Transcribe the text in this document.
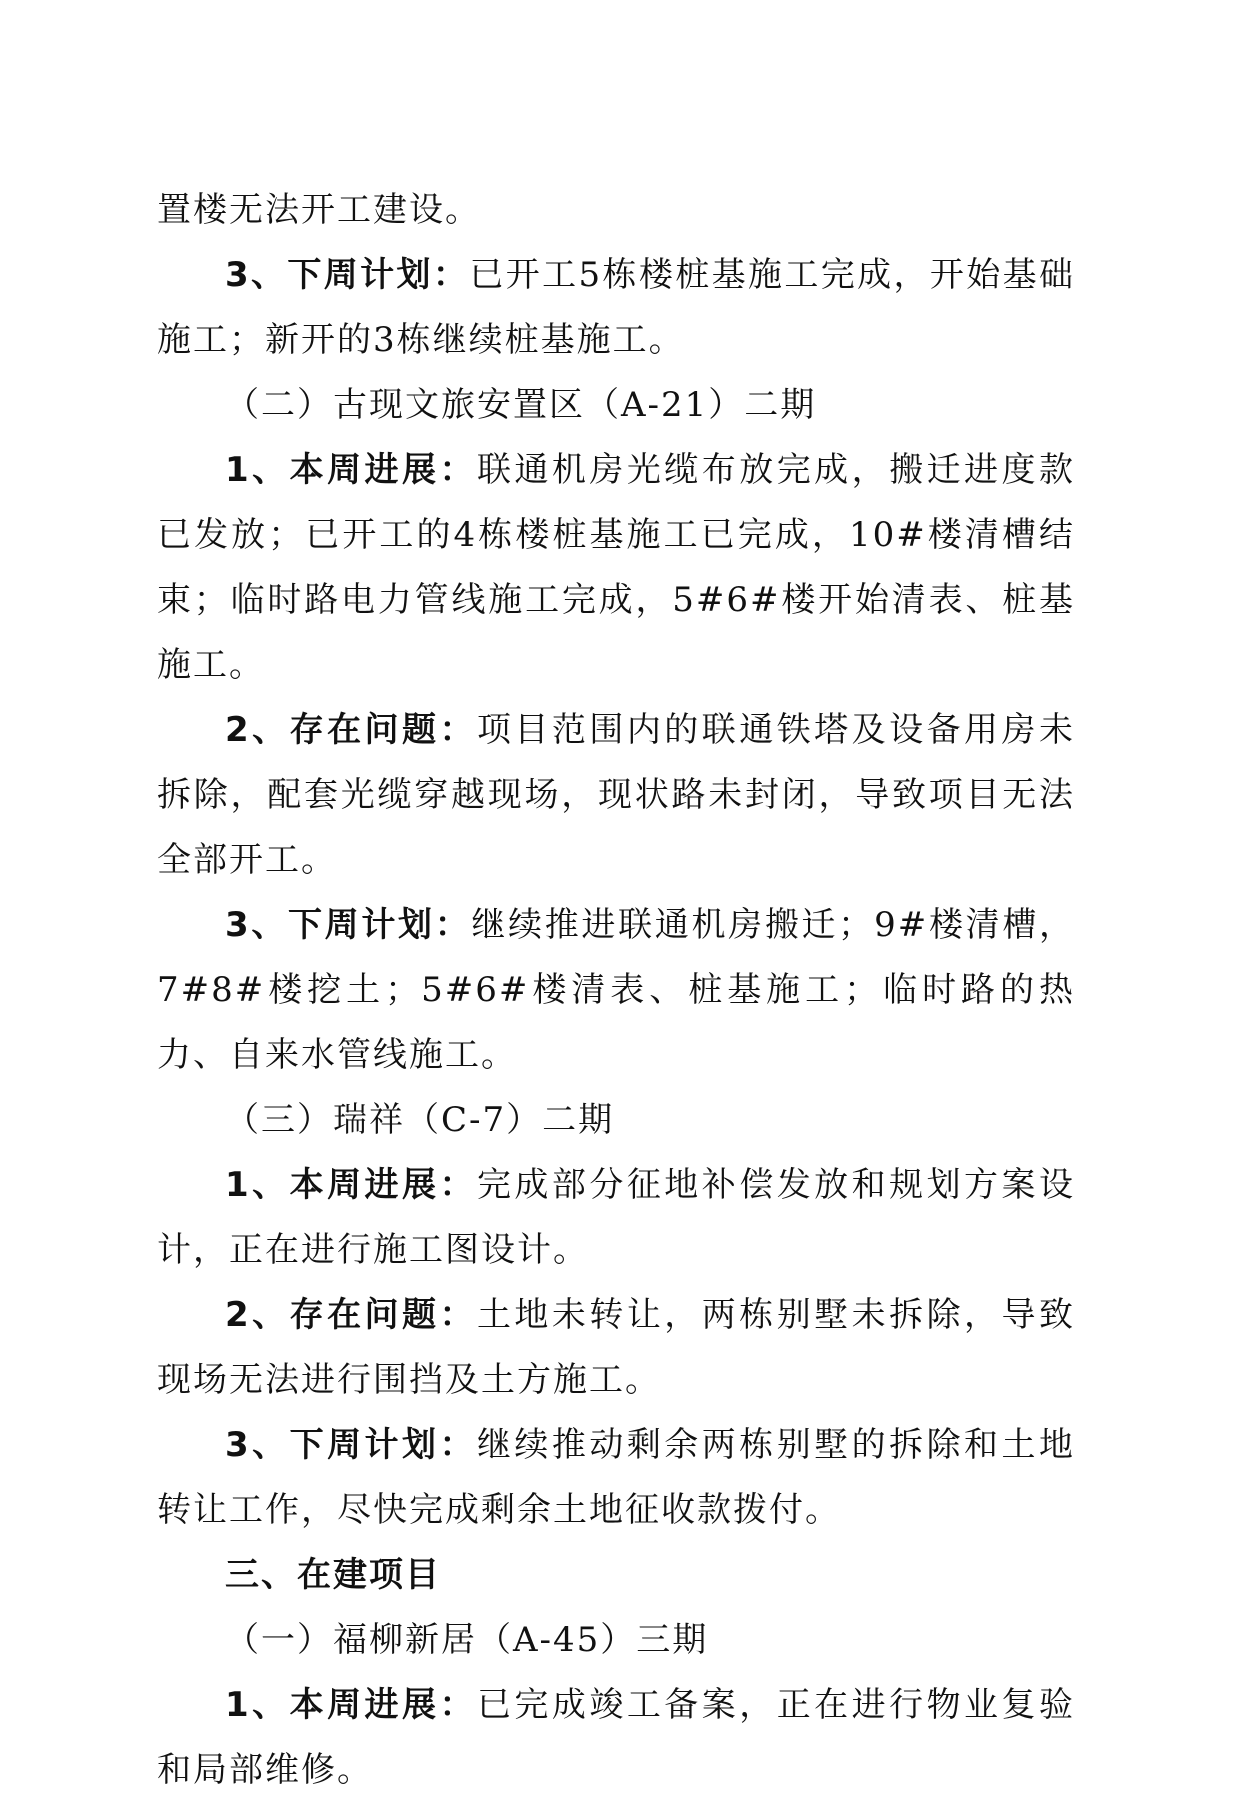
置楼无法开工建设。

3、下周计划：已开工5栋楼桩基施工完成，开始基础施工；新开的3栋继续桩基施工。

（二）古现文旅安置区（A-21）二期

1、本周进展：联通机房光缆布放完成，搬迁进度款已发放；已开工的4栋楼桩基施工已完成，10#楼清槽结束；临时路电力管线施工完成，5#6#楼开始清表、桩基施工。

2、存在问题：项目范围内的联通铁塔及设备用房未拆除，配套光缆穿越现场，现状路未封闭，导致项目无法全部开工。

3、下周计划：继续推进联通机房搬迁；9#楼清槽，7#8#楼挖土；5#6#楼清表、桩基施工；临时路的热力、自来水管线施工。

（三）瑞祥（C-7）二期

1、本周进展：完成部分征地补偿发放和规划方案设计，正在进行施工图设计。

2、存在问题：土地未转让，两栋别墅未拆除，导致现场无法进行围挡及土方施工。

3、下周计划：继续推动剩余两栋别墅的拆除和土地转让工作，尽快完成剩余土地征收款拨付。

三、在建项目

（一）福柳新居（A-45）三期

1、本周进展：已完成竣工备案，正在进行物业复验和局部维修。
